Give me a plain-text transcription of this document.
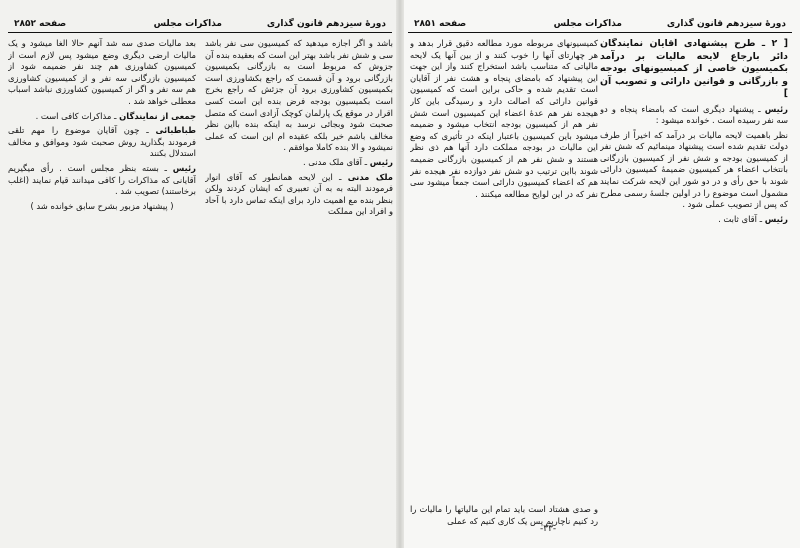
دورهٔ سیزدهم قانون گذاری
مذاکرات مجلس
صفحه ۲۸۵۲

باشد و اگر اجازه میدهید که کمیسیون سی نفر باشد سی و شش نفر باشد بهتر این است که بعقیده بنده آن جزوش که مربوط است به بازرگانی بکمیسیون بازرگانی برود و آن قسمت که راجع بکشاورزی است بکمیسیون کشاورزی برود آن جزئش که راجع بخرج است بکمیسیون بودجه فرض بنده این است کسی اقرار در موقع یک پارلمان کوچک آزادی است که متصل صحبت شود وبجائی نرسد به اینکه بنده بااین نظر مخالف باشم خیر بلکه عقیده ام این است که عملی نمیشود و الا بنده کاملا موافقم .

رئیس ـ آقای ملک مدنی .

ملک مدنی ـ این لایحه همانطور که آقای انوار فرمودند البته به به آن تعبیری که ایشان کردند ولکن بنظر بنده مع اهمیت دارد برای اینکه تماس دارد با آحاد و افراد این مملکت

بعد مالیات صدی سه شد آنهم حالا الغا میشود و یک مالیات ارضی دیگری وضع میشود پس لازم است از کمیسیون کشاورزی هم چند نفر ضمیمه شود از کمیسیون بازرگانی سه نفر و از کمیسیون کشاورزی هم سه نفر و اگر از کمیسیون کشاورزی نباشد اسباب معطلی خواهد شد .

جمعی از نمایندگان ـ مذاکرات کافی است .

طباطبائی ـ چون آقایان موضوع را مهم تلقی فرمودند بگذارید روش صحبت شود وموافق و مخالف استدلال بکنند

رئیس ـ بسته بنظر مجلس است . رأی میگیریم آقایانی که مذاکرات را کافی میدانند قیام نمایند (اغلب برخاستند) تصویب شد .

( پیشنهاد مزبور بشرح سابق خوانده شد )

دورهٔ سیزدهم قانون گذاری
مذاکرات مجلس
صفحه ۲۸۵۱

[ ۲ ـ طرح پیشنهادی آقایان نمایندگان دائر بارجاع لایحه مالیات بر درآمد بکمیسیون خاصی از کمیسیونهای بودجه و بازرگانی و قوانین دارائی و تصویب آن ]

رئیس ـ پیشنهاد دیگری است که بامضاء پنجاه و دو سه نفر رسیده است . خوانده میشود :

نظر باهمیت لایحه مالیات بر درآمد که اخیراً از طرف دولت تقدیم شده است پیشنهاد مینمائیم که شش نفر از کمیسیون بودجه و شش نفر از کمیسیون بازرگانی بانتخاب اعضاء هر کمیسیون ضمیمهٔ کمیسیون دارائی شوند با حق رأی و در دو شور این لایحه شرکت نمایند مشمول است موضوع را در اولین جلسهٔ رسمی مطرح که پس از تصویب عملی شود .

رئیس ـ آقای ثابت .

کمیسیونهای مربوطه مورد مطالعه دقیق قرار بدهد و هر چهارتای آنها را خوب کنند و از بین آنها یک لایحه مالیاتی که متناسب باشد استخراج کنند واز این جهت این پیشنهاد که بامضای پنجاه و هشت نفر از آقایان است تقدیم شده و حاکی براین است که کمیسیون قوانین دارائی که اصالت دارد و رسیدگی باین کار هیجده نفر هم عدهٔ اعضاء این کمیسیون است شش نفر هم از کمیسیون بودجه انتخاب میشود و ضمیمه میشود باین کمیسیون باعتبار اینکه در تأثیری که وضع این مالیات در بودجه مملکت دارد آنها هم ذی نظر هستند و شش نفر هم از کمیسیون بازرگانی ضمیمه شوند بااین ترتیب دو شش نفر دوازده نفر هیجده نفر هم که اعضاء کمیسیون دارائی است جمعاً میشود سی نفر که در این لوایح مطالعه میکنند .

و صدی هشتاد است باید تمام این مالیاتها را مالیات را رد کنیم ناچاریم پس یک کاری کنیم که عملی

-۳۳-
